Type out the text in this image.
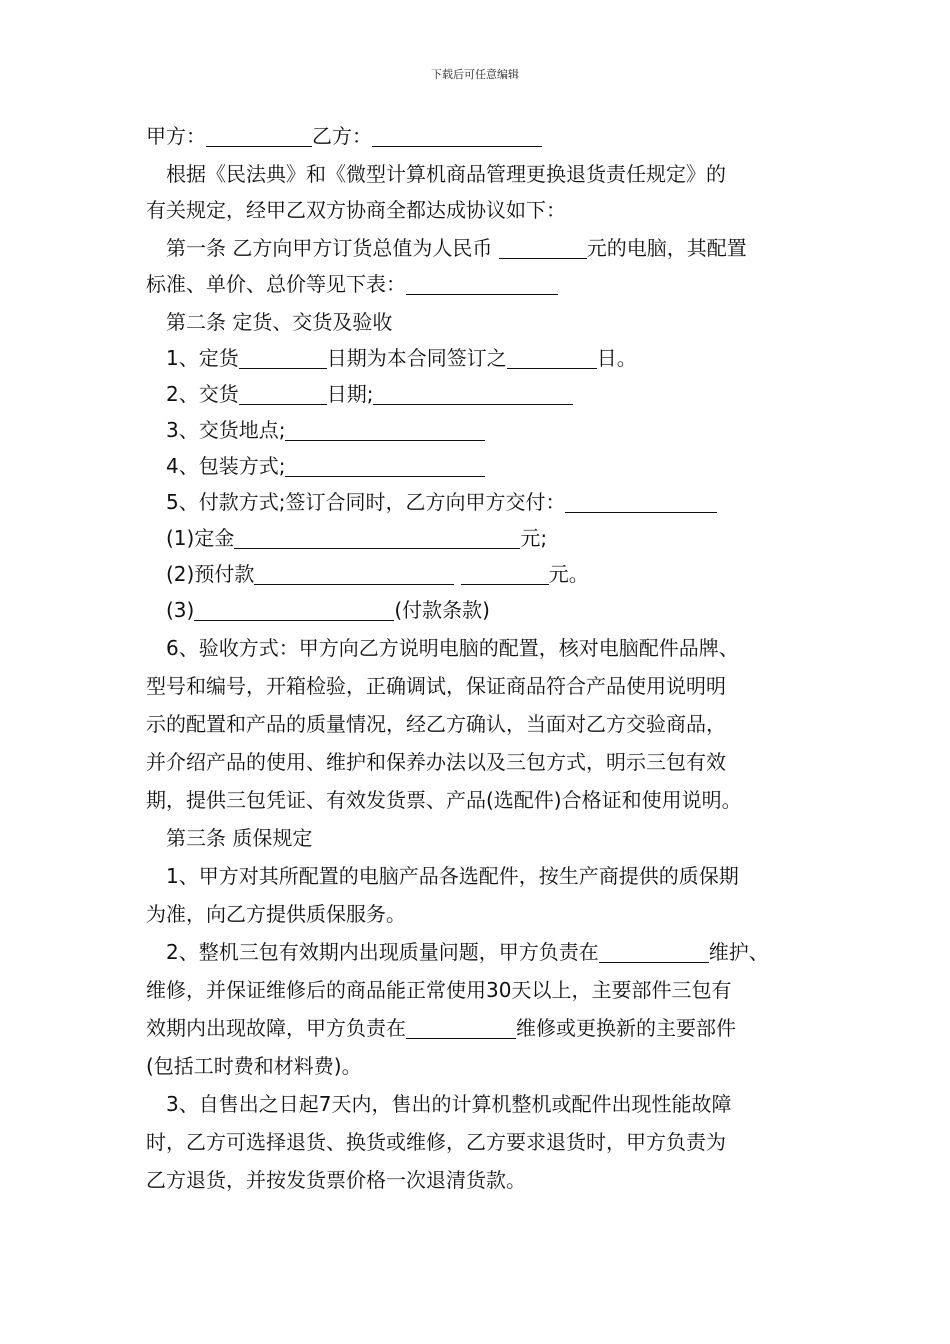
下载后可任意编辑

甲方：	乙方：

根据《民法典》和《微型计算机商品管理更换退货责任规定》的

有关规定，经甲乙双方协商全都达成协议如下：

第一条 乙方向甲方订货总值为人民币	元的电脑，其配置

标准、单价、总价等见下表：

第二条 定货、交货及验收

1、定货	日期为本合同签订之	日。

2、交货	日期;

3、交货地点;

4、包装方式;

5、付款方式;签订合同时，乙方向甲方交付：

(1)定金	元;

(2)预付款	元。

(3)	(付款条款)

6、验收方式：甲方向乙方说明电脑的配置，核对电脑配件品牌、

型号和编号，开箱检验，正确调试，保证商品符合产品使用说明明

示的配置和产品的质量情况，经乙方确认，当面对乙方交验商品，

并介绍产品的使用、维护和保养办法以及三包方式，明示三包有效

期，提供三包凭证、有效发货票、产品(选配件)合格证和使用说明。

第三条 质保规定

1、甲方对其所配置的电脑产品各选配件，按生产商提供的质保期

为准，向乙方提供质保服务。

2、整机三包有效期内出现质量问题，甲方负责在	维护、

维修，并保证维修后的商品能正常使用30天以上，主要部件三包有

效期内出现故障，甲方负责在	维修或更换新的主要部件

(包括工时费和材料费)。

3、自售出之日起7天内，售出的计算机整机或配件出现性能故障

时，乙方可选择退货、换货或维修，乙方要求退货时，甲方负责为

乙方退货，并按发货票价格一次退清货款。
